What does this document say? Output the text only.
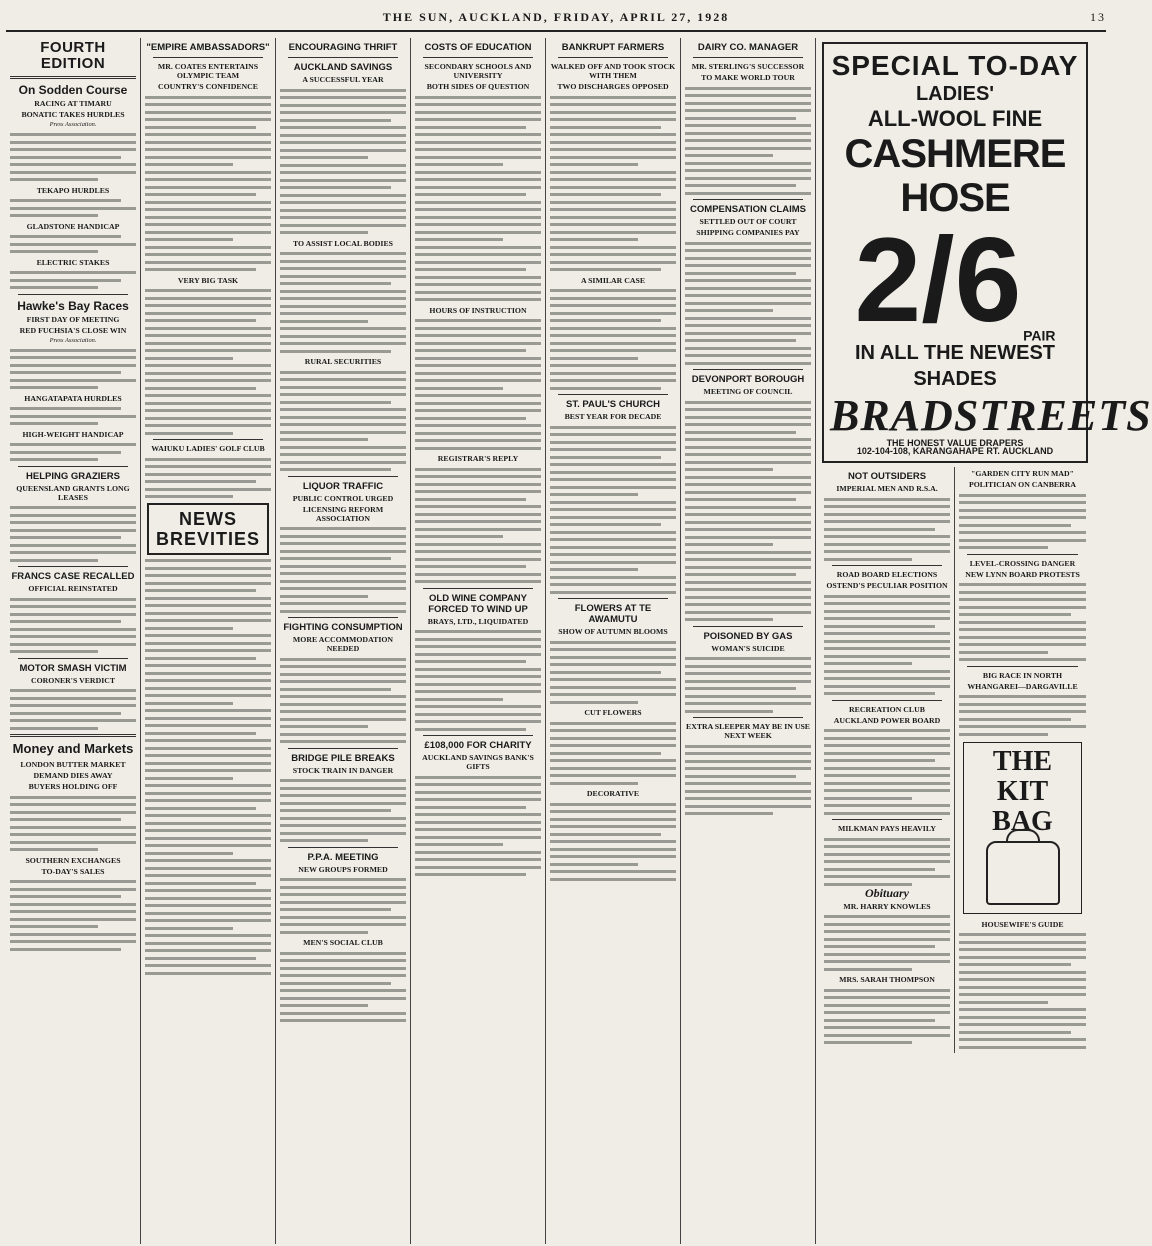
THE SUN, AUCKLAND, FRIDAY, APRIL 27, 1928	13
FOURTH EDITION
On Sodden Course
RACING AT TIMARU
BONATIC TAKES HURDLES
Press Association.
TEKAPO HURDLES
GLADSTONE HANDICAP
ELECTRIC STAKES
Hawke's Bay Races
FIRST DAY OF MEETING
RED FUCHSIA'S CLOSE WIN
Press Association.
HANGATAPATA HURDLES
HIGH-WEIGHT HANDICAP
HELPING GRAZIERS
QUEENSLAND GRANTS LONG LEASES
FRANCS CASE RECALLED
OFFICIAL REINSTATED
MOTOR SMASH VICTIM
CORONER'S VERDICT
Money and Markets
LONDON BUTTER MARKET
DEMAND DIES AWAY
BUYERS HOLDING OFF
SOUTHERN EXCHANGES
TO-DAY'S SALES
"EMPIRE AMBASSADORS"
MR. COATES ENTERTAINS OLYMPIC TEAM
COUNTRY'S CONFIDENCE
VERY BIG TASK
WAIUKU LADIES' GOLF CLUB
NEWS BREVITIES
ENCOURAGING THRIFT
AUCKLAND SAVINGS
A SUCCESSFUL YEAR
TO ASSIST LOCAL BODIES
RURAL SECURITIES
LIQUOR TRAFFIC
PUBLIC CONTROL URGED
LICENSING REFORM ASSOCIATION
FIGHTING CONSUMPTION
MORE ACCOMMODATION NEEDED
BRIDGE PILE BREAKS
STOCK TRAIN IN DANGER
P.P.A. MEETING
NEW GROUPS FORMED
MEN'S SOCIAL CLUB
COSTS OF EDUCATION
SECONDARY SCHOOLS AND UNIVERSITY
BOTH SIDES OF QUESTION
HOURS OF INSTRUCTION
REGISTRAR'S REPLY
OLD WINE COMPANY FORCED TO WIND UP
BRAYS, LTD., LIQUIDATED
£108,000 FOR CHARITY
AUCKLAND SAVINGS BANK'S GIFTS
BANKRUPT FARMERS
WALKED OFF AND TOOK STOCK WITH THEM
TWO DISCHARGES OPPOSED
A SIMILAR CASE
ST. PAUL'S CHURCH
BEST YEAR FOR DECADE
FLOWERS AT TE AWAMUTU
SHOW OF AUTUMN BLOOMS
CUT FLOWERS
DECORATIVE
DAIRY CO. MANAGER
MR. STERLING'S SUCCESSOR
TO MAKE WORLD TOUR
COMPENSATION CLAIMS
SETTLED OUT OF COURT
SHIPPING COMPANIES PAY
DEVONPORT BOROUGH
MEETING OF COUNCIL
POISONED BY GAS
WOMAN'S SUICIDE
EXTRA SLEEPER MAY BE IN USE NEXT WEEK
SPECIAL TO-DAY
LADIES'
ALL-WOOL FINE
CASHMERE HOSE
2/6 PAIR
IN ALL THE NEWEST SHADES
BRADSTREETS
THE HONEST VALUE DRAPERS
102-104-108, KARANGAHAPE RT. AUCKLAND
NOT OUTSIDERS
IMPERIAL MEN AND R.S.A.
ROAD BOARD ELECTIONS
OSTEND'S PECULIAR POSITION
RECREATION CLUB
AUCKLAND POWER BOARD
MILKMAN PAYS HEAVILY
Obituary
MR. HARRY KNOWLES
MRS. SARAH THOMPSON
"GARDEN CITY RUN MAD"
POLITICIAN ON CANBERRA
LEVEL-CROSSING DANGER
NEW LYNN BOARD PROTESTS
BIG RACE IN NORTH
WHANGAREI—DARGAVILLE
THE KIT BAG
HOUSEWIFE'S GUIDE
